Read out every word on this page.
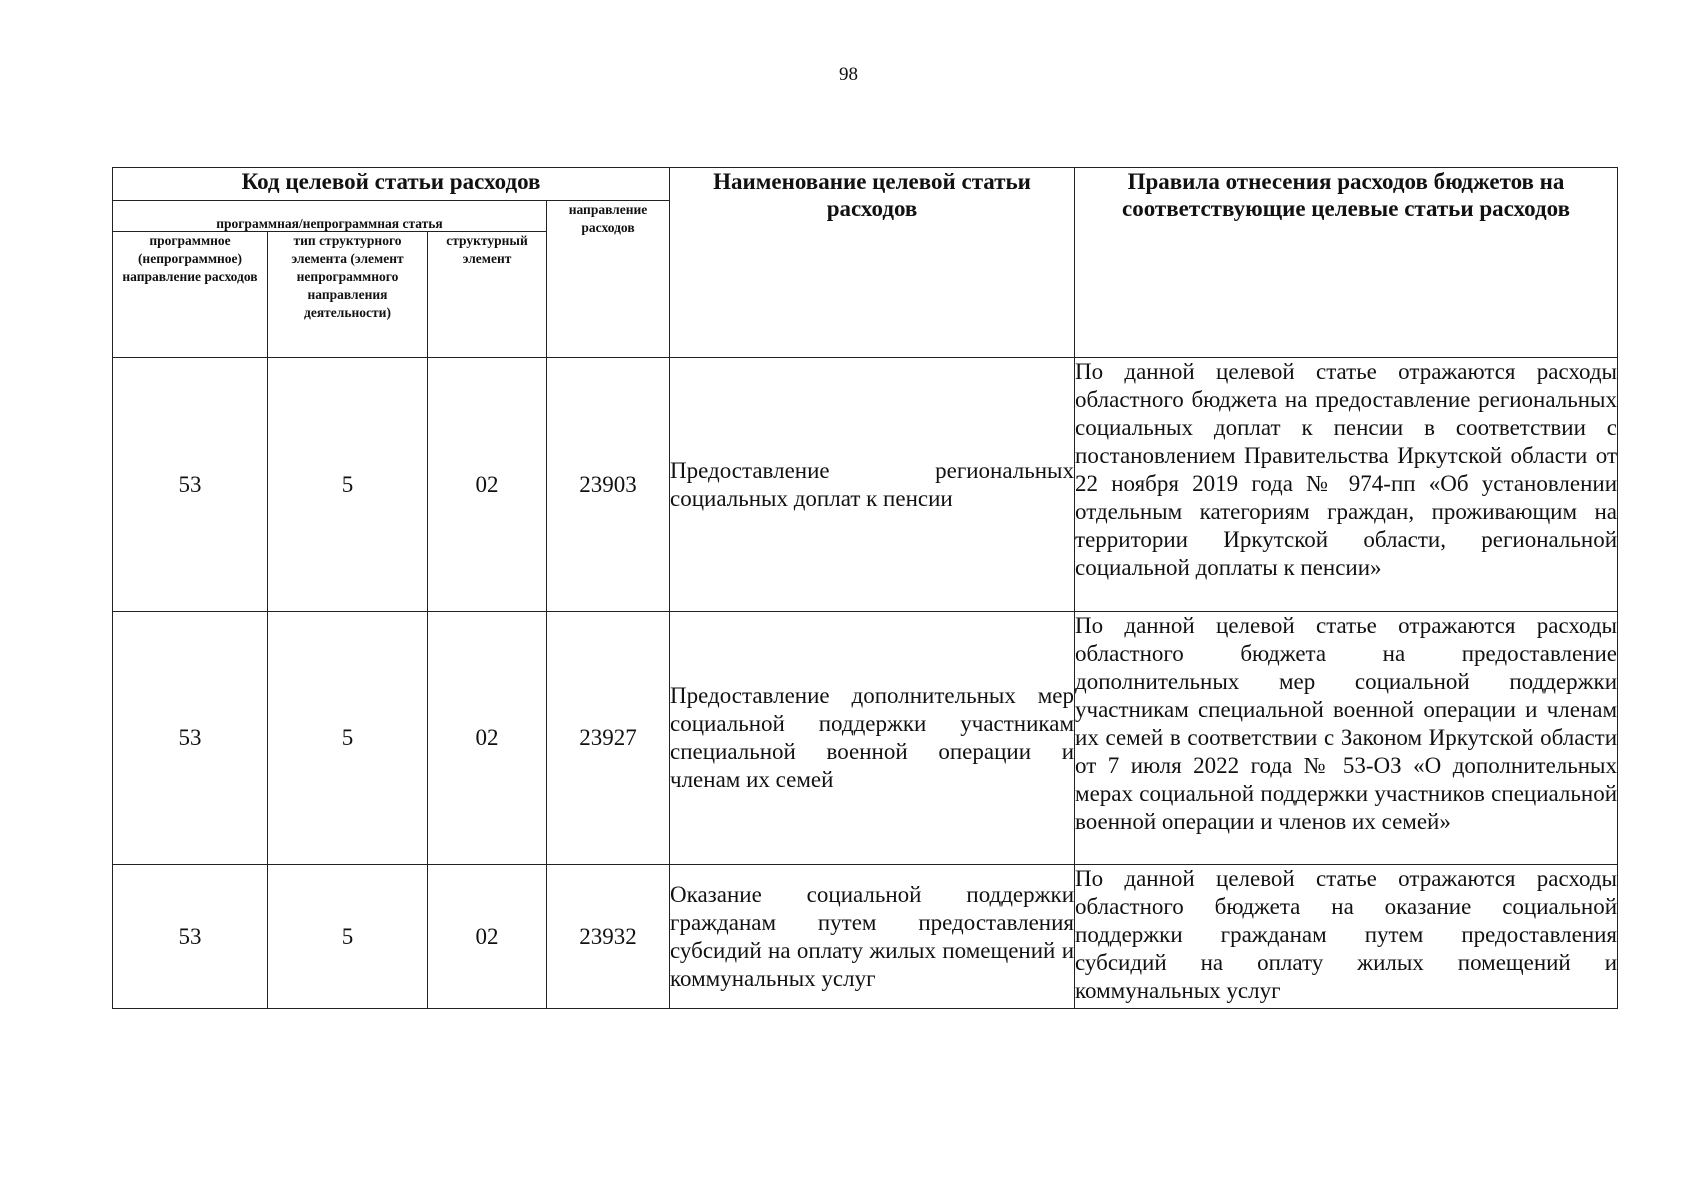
98
Код целевой статьи расходов				Наименование целевой статьи расходов	Правила отнесения расходов бюджетов на соответствующие целевые статьи расходов
программная/непрограммная статья			направление расходов		
программное (непрограммное) направление расходов	тип структурного элемента (элемент непрограммного направления деятельности)	структурный элемент			
53	5	02	23903	Предоставление региональных социальных доплат к пенсии	По данной целевой статье отражаются расходы областного бюджета на предоставление региональных социальных доплат к пенсии в соответствии с постановлением Правительства Иркутской области от 22 ноября 2019 года № 974-пп «Об установлении отдельным категориям граждан, проживающим на территории Иркутской области, региональной социальной доплаты к пенсии»
53	5	02	23927	Предоставление дополнительных мер социальной поддержки участникам специальной военной операции и членам их семей	По данной целевой статье отражаются расходы областного бюджета на предоставление дополнительных мер социальной поддержки участникам специальной военной операции и членам их семей в соответствии с Законом Иркутской области от 7 июля 2022 года № 53-ОЗ «О дополнительных мерах социальной поддержки участников специальной военной операции и членов их семей»
53	5	02	23932	Оказание социальной поддержки гражданам путем предоставления субсидий на оплату жилых помещений и коммунальных услуг	По данной целевой статье отражаются расходы областного бюджета на оказание социальной поддержки гражданам путем предоставления субсидий на оплату жилых помещений и коммунальных услуг
